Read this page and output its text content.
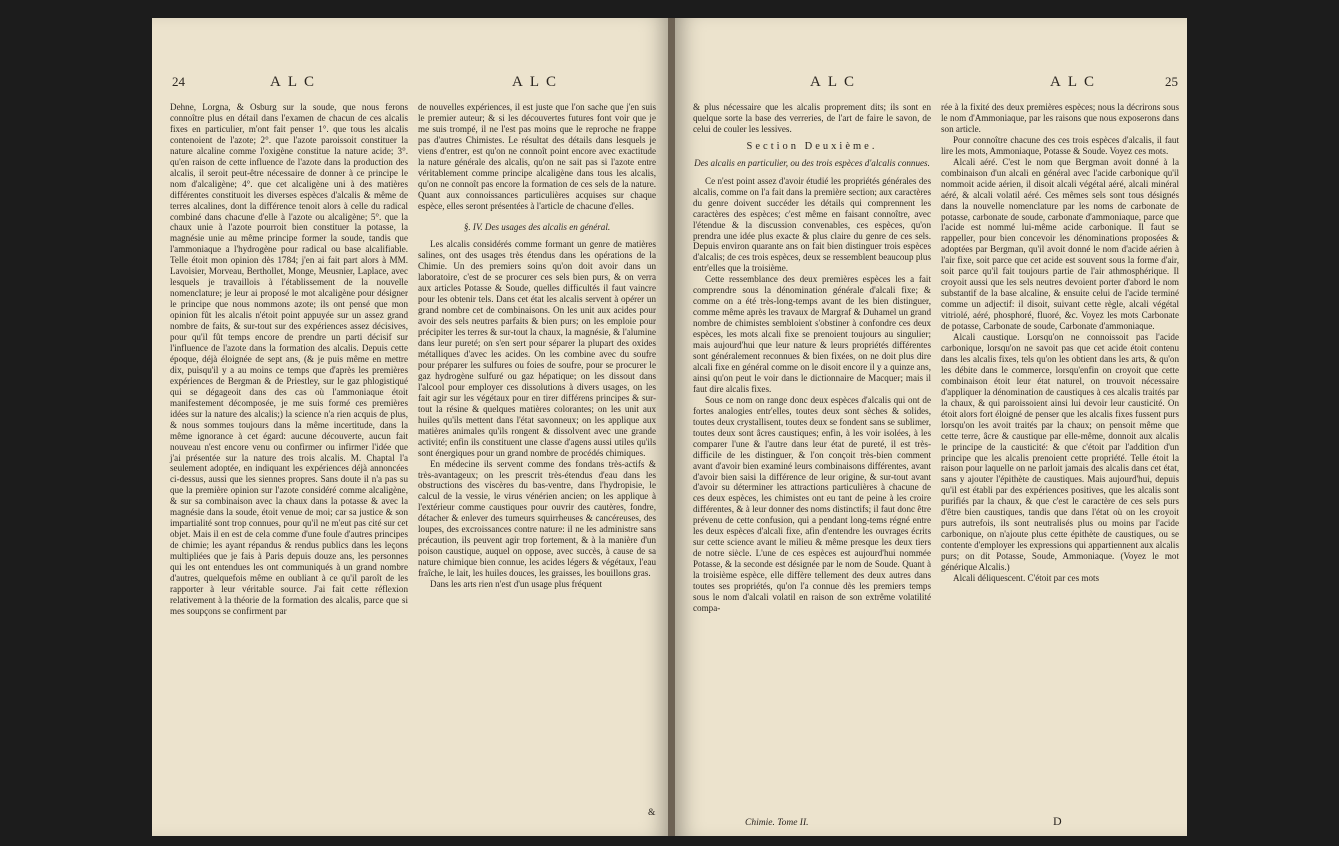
24	ALC	ALC

Dehne, Lorgna, & Osburg sur la soude, que nous ferons connoître plus en détail dans l'examen de chacun de ces alcalis fixes en particulier, m'ont fait penser 1°. que tous les alcalis contenoient de l'azote; 2°. que l'azote paroissoit constituer la nature alcaline comme l'oxigène constitue la nature acide; 3°. qu'en raison de cette influence de l'azote dans la production des alcalis, il seroit peut-être nécessaire de donner à ce principe le nom d'alcaligène; 4°. que cet alcaligène uni à des matières différentes constituoit les diverses espèces d'alcalis & même de terres alcalines, dont la différence tenoit alors à celle du radical combiné dans chacune d'elle à l'azote ou alcaligène; 5°. que la chaux unie à l'azote pourroit bien constituer la potasse, la magnésie unie au même principe former la soude, tandis que l'ammoniaque a l'hydrogène pour radical ou base alcalifiable. Telle étoit mon opinion dès 1784; j'en ai fait part alors à MM. Lavoisier, Morveau, Berthollet, Monge, Meusnier, Laplace, avec lesquels je travaillois à l'établissement de la nouvelle nomenclature; je leur ai proposé le mot alcaligène pour désigner le principe que nous nommons azote; ils ont pensé que mon opinion fût les alcalis n'étoit point appuyée sur un assez grand nombre de faits, & sur-tout sur des expériences assez décisives, pour qu'il fût temps encore de prendre un parti décisif sur l'influence de l'azote dans la formation des alcalis. Depuis cette époque, déjà éloignée de sept ans, (& je puis même en mettre dix, puisqu'il y a au moins ce temps que d'après les premières expériences de Bergman & de Priestley, sur le gaz phlogistiqué qui se dégageoit dans des cas où l'ammoniaque étoit manifestement décomposée, je me suis formé ces premières idées sur la nature des alcalis;) la science n'a rien acquis de plus, & nous sommes toujours dans la même incertitude, dans la même ignorance à cet égard: aucune découverte, aucun fait nouveau n'est encore venu ou confirmer ou infirmer l'idée que j'ai présentée sur la nature des trois alcalis. M. Chaptal l'a seulement adoptée, en indiquant les expériences déjà annoncées ci-dessus, aussi que les siennes propres. Sans doute il n'a pas su que la première opinion sur l'azote considéré comme alcaligène, & sur sa combinaison avec la chaux dans la potasse & avec la magnésie dans la soude, étoit venue de moi; car sa justice & son impartialité sont trop connues, pour qu'il ne m'eut pas cité sur cet objet. Mais il en est de cela comme d'une foule d'autres principes de chimie; les ayant répandus & rendus publics dans les leçons multipliées que je fais à Paris depuis douze ans, les personnes qui les ont entendues les ont communiqués à un grand nombre d'autres, quelquefois même en oubliant à ce qu'il paroît de les rapporter à leur véritable source. J'ai fait cette réflexion relativement à la théorie de la formation des alcalis, parce que si mes soupçons se confirment par

de nouvelles expériences, il est juste que l'on sache que j'en suis le premier auteur; & si les découvertes futures font voir que je me suis trompé, il ne l'est pas moins que le reproche ne frappe pas d'autres Chimistes. Le résultat des détails dans lesquels je viens d'entrer, est qu'on ne connoît point encore avec exactitude la nature générale des alcalis, qu'on ne sait pas si l'azote entre véritablement comme principe alcaligène dans tous les alcalis, qu'on ne connoît pas encore la formation de ces sels de la nature. Quant aux connoissances particulières acquises sur chaque espèce, elles seront présentées à l'article de chacune d'elles.

§. IV. Des usages des alcalis en général.

Les alcalis considérés comme formant un genre de matières salines, ont des usages très étendus dans les opérations de la Chimie. Un des premiers soins qu'on doit avoir dans un laboratoire, c'est de se procurer ces sels bien purs, & on verra aux articles Potasse & Soude, quelles difficultés il faut vaincre pour les obtenir tels. Dans cet état les alcalis servent à opérer un grand nombre cet de combinaisons. On les unit aux acides pour avoir des sels neutres parfaits & bien purs; on les emploie pour précipiter les terres & sur-tout la chaux, la magnésie, & l'alumine dans leur pureté; on s'en sert pour séparer la plupart des oxides métalliques d'avec les acides. On les combine avec du soufre pour préparer les sulfures ou foies de soufre, pour se procurer le gaz hydrogène sulfuré ou gaz hépatique; on les dissout dans l'alcool pour employer ces dissolutions à divers usages, on les fait agir sur les végétaux pour en tirer différens principes & sur-tout la résine & quelques matières colorantes; on les unit aux huiles qu'ils mettent dans l'état savonneux; on les applique aux matières animales qu'ils rongent & dissolvent avec une grande activité; enfin ils constituent une classe d'agens aussi utiles qu'ils sont énergiques pour un grand nombre de procédés chimiques.

En médecine ils servent comme des fondans très-actifs & très-avantageux; on les prescrit très-étendus d'eau dans les obstructions des viscères du bas-ventre, dans l'hydropisie, le calcul de la vessie, le virus vénérien ancien; on les applique à l'extérieur comme caustiques pour ouvrir des cautères, fondre, détacher & enlever des tumeurs squirrheuses & cancéreuses, des loupes, des excroissances contre nature: il ne les administre sans précaution, ils peuvent agir trop fortement, & à la manière d'un poison caustique, auquel on oppose, avec succès, à cause de sa nature chimique bien connue, les acides légers & végétaux, l'eau fraîche, le lait, les huiles douces, les graisses, les bouillons gras.

Dans les arts rien n'est d'un usage plus fréquent

&
ALC	ALC	25

& plus nécessaire que les alcalis proprement dits; ils sont en quelque sorte la base des verreries, de l'art de faire le savon, de celui de couler les lessives.

Section Deuxième.
Des alcalis en particulier, ou des trois espèces d'alcalis connues.

Ce n'est point assez d'avoir étudié les propriétés générales des alcalis, comme on l'a fait dans la première section; aux caractères du genre doivent succéder les détails qui comprennent les caractères des espèces; c'est même en faisant connoître, avec l'étendue & la discussion convenables, ces espèces, qu'on prendra une idée plus exacte & plus claire du genre de ces sels. Depuis environ quarante ans on fait bien distinguer trois espèces d'alcalis; de ces trois espèces, deux se ressemblent beaucoup plus entr'elles que la troisième.

Cette ressemblance des deux premières espèces les a fait comprendre sous la dénomination générale d'alcali fixe; & comme on a été très-long-temps avant de les bien distinguer, comme même après les travaux de Margraf & Duhamel un grand nombre de chimistes sembloient s'obstiner à confondre ces deux espèces, les mots alcali fixe se prenoient toujours au singulier; mais aujourd'hui que leur nature & leurs propriétés différentes sont généralement reconnues & bien fixées, on ne doit plus dire alcali fixe en général comme on le disoit encore il y a quinze ans, ainsi qu'on peut le voir dans le dictionnaire de Macquer; mais il faut dire alcalis fixes.

Sous ce nom on range donc deux espèces d'alcalis qui ont de fortes analogies entr'elles, toutes deux sont sèches & solides, toutes deux crystallisent, toutes deux se fondent sans se sublimer, toutes deux sont âcres caustiques; enfin, à les voir isolées, à les comparer l'une & l'autre dans leur état de pureté, il est très-difficile de les distinguer, & l'on conçoit très-bien comment avant d'avoir bien examiné leurs combinaisons différentes, avant d'avoir bien saisi la différence de leur origine, & sur-tout avant d'avoir su déterminer les attractions particulières à chacune de ces deux espèces, les chimistes ont eu tant de peine à les croire différentes, & à leur donner des noms distinctifs; il faut donc être prévenu de cette confusion, qui a pendant long-tems régné entre les deux espèces d'alcali fixe, afin d'entendre les ouvrages écrits sur cette science avant le milieu & même presque les deux tiers de notre siècle. L'une de ces espèces est aujourd'hui nommée Potasse, & la seconde est désignée par le nom de Soude. Quant à la troisième espèce, elle diffère tellement des deux autres dans toutes ses propriétés, qu'on l'a connue dès les premiers temps sous le nom d'alcali volatil en raison de son extrême volatilité compa-

rée à la fixité des deux premières espèces; nous la décrirons sous le nom d'Ammoniaque, par les raisons que nous exposerons dans son article.

Pour connoître chacune des ces trois espèces d'alcalis, il faut lire les mots, Ammoniaque, Potasse & Soude. Voyez ces mots.

Alcali aéré. C'est le nom que Bergman avoit donné à la combinaison d'un alcali en général avec l'acide carbonique qu'il nommoit acide aérien, il disoit alcali végétal aéré, alcali minéral aéré, & alcali volatil aéré. Ces mêmes sels sont tous désignés dans la nouvelle nomenclature par les noms de carbonate de potasse, carbonate de soude, carbonate d'ammoniaque, parce que l'acide est nommé lui-même acide carbonique. Il faut se rappeller, pour bien concevoir les dénominations proposées & adoptées par Bergman, qu'il avoit donné le nom d'acide aérien à l'air fixe, soit parce que cet acide est souvent sous la forme d'air, soit parce qu'il fait toujours partie de l'air athmosphérique. Il croyoit aussi que les sels neutres devoient porter d'abord le nom substantif de la base alcaline, & ensuite celui de l'acide terminé comme un adjectif: il disoit, suivant cette règle, alcali végétal vitriolé, aéré, phosphoré, fluoré, &c. Voyez les mots Carbonate de potasse, Carbonate de soude, Carbonate d'ammoniaque.

Alcali caustique. Lorsqu'on ne connoissoit pas l'acide carbonique, lorsqu'on ne savoit pas que cet acide étoit contenu dans les alcalis fixes, tels qu'on les obtient dans les arts, & qu'on les débite dans le commerce, lorsqu'enfin on croyoit que cette combinaison étoit leur état naturel, on trouvoit nécessaire d'appliquer la dénomination de caustiques à ces alcalis traités par la chaux, & qui paroissoient ainsi lui devoir leur causticité. On étoit alors fort éloigné de penser que les alcalis fixes fussent purs lorsqu'on les avoit traités par la chaux; on pensoit même que cette terre, âcre & caustique par elle-même, donnoit aux alcalis le principe de la causticité: & que c'étoit par l'addition d'un principe que les alcalis prenoient cette propriété. Telle étoit la raison pour laquelle on ne parloit jamais des alcalis dans cet état, sans y ajouter l'épithète de caustiques. Mais aujourd'hui, depuis qu'il est établi par des expériences positives, que les alcalis sont purifiés par la chaux, & que c'est le caractère de ces sels purs d'être bien caustiques, tandis que dans l'état où on les croyoit purs autrefois, ils sont neutralisés plus ou moins par l'acide carbonique, on n'ajoute plus cette épithète de caustiques, ou se contente d'employer les expressions qui appartiennent aux alcalis purs; on dit Potasse, Soude, Ammoniaque. (Voyez le mot générique Alcalis.)

Alcali déliquescent. C'étoit par ces mots

Chimie. Tome II.	D
